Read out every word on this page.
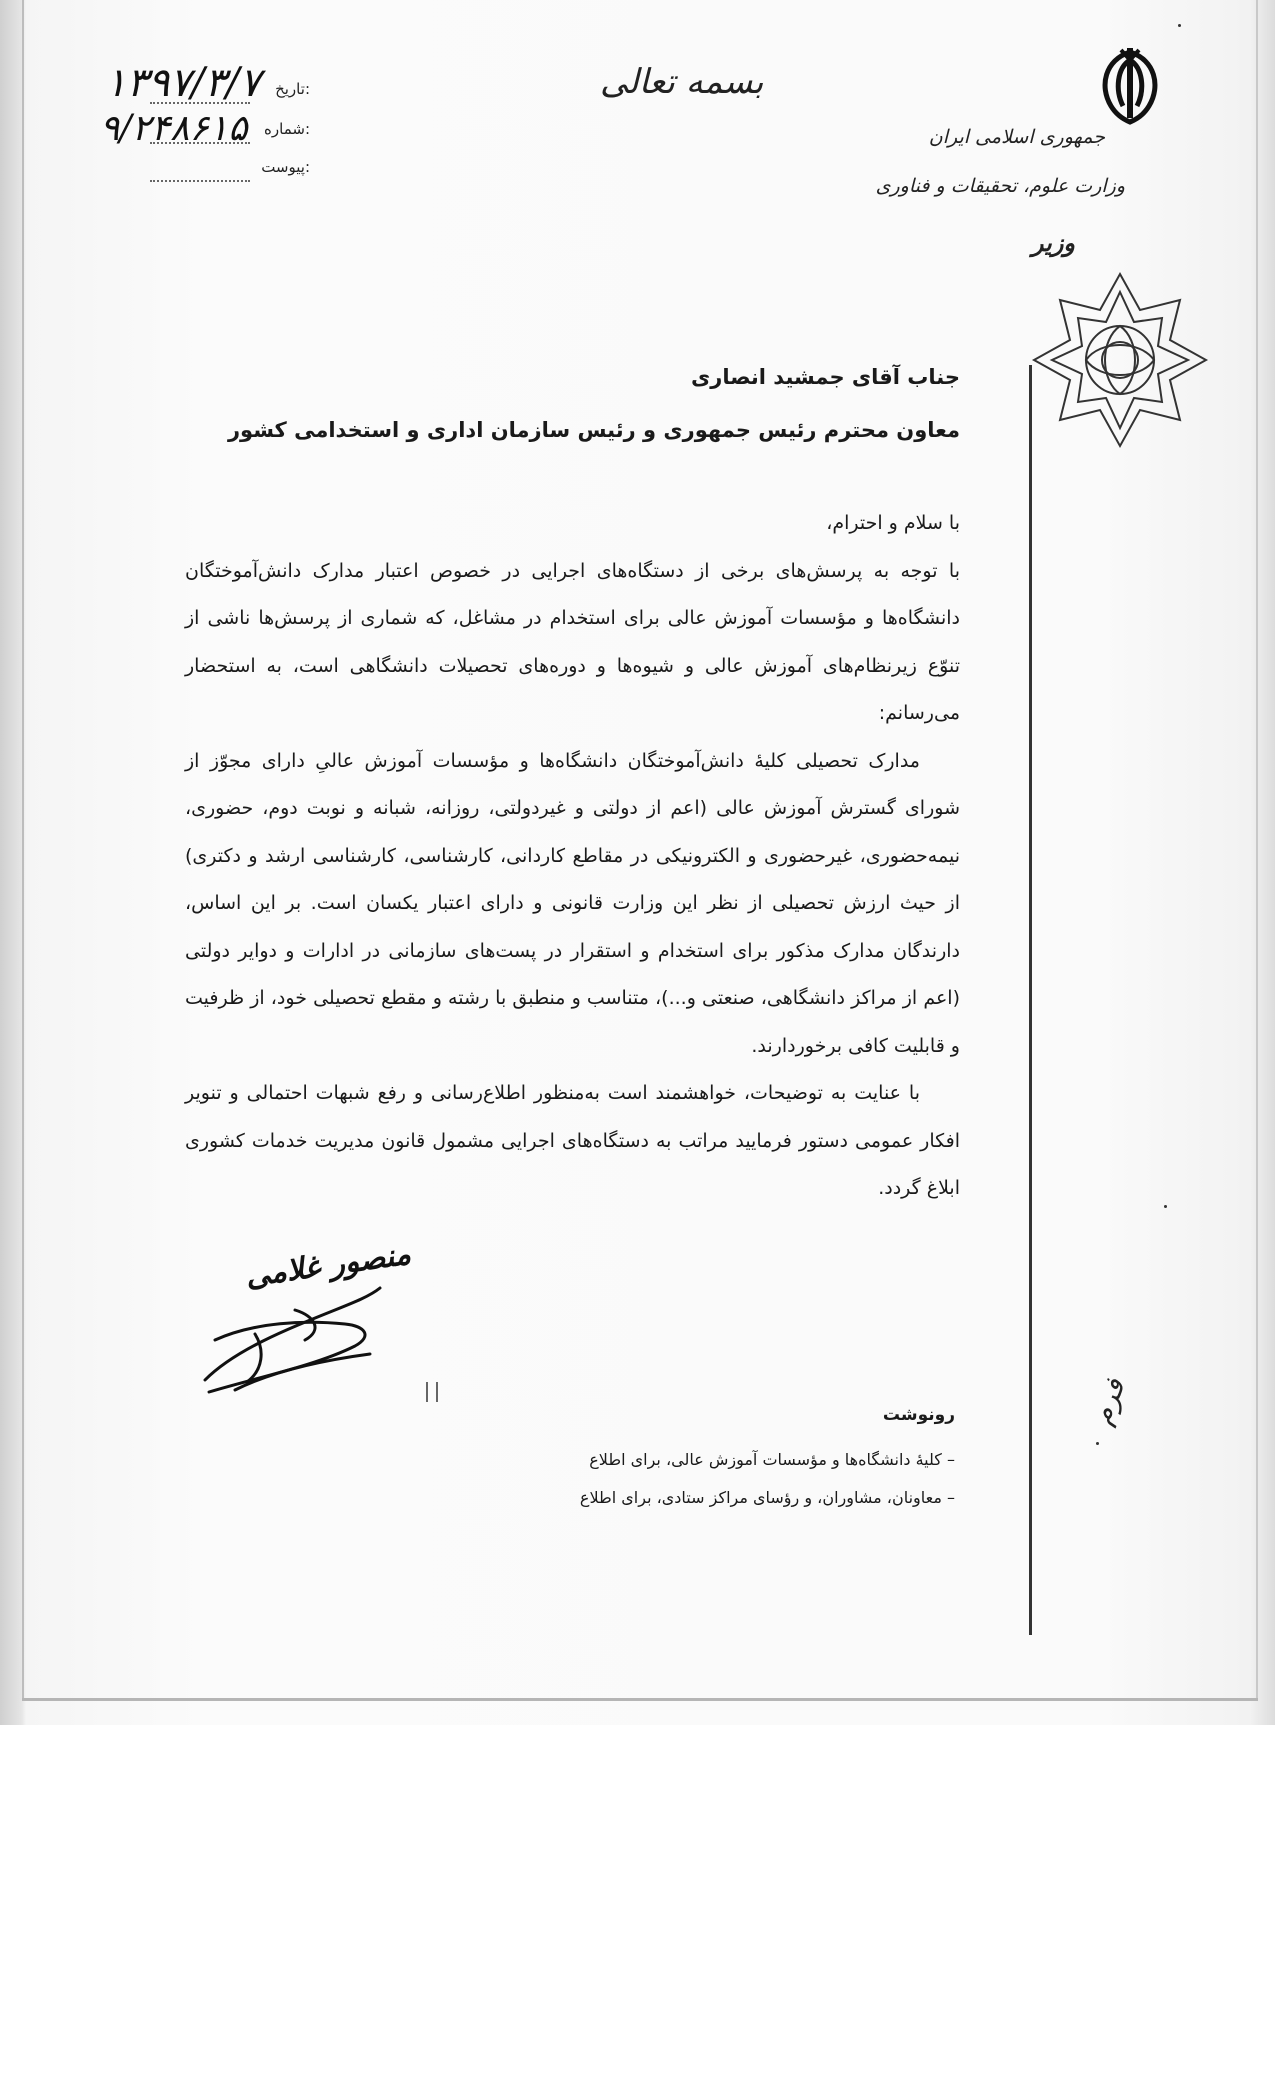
جمهوری اسلامی ایران
وزارت علوم، تحقیقات و فناوری
وزیر
بسمه تعالی
تاریخ:
شماره:
پیوست:
۱۳۹۷/۳/۷
۹/۲۴۸۶۱۵
جناب آقای جمشید انصاری
معاون محترم رئیس جمهوری و رئیس سازمان اداری و استخدامی کشور

با سلام و احترام،

با توجه به پرسش‌های برخی از دستگاه‌های اجرایی در خصوص اعتبار مدارک دانش‌آموختگان دانشگاه‌ها و مؤسسات آموزش عالی برای استخدام در مشاغل، که شماری از پرسش‌ها ناشی از تنوّع زیرنظام‌های آموزش عالی و شیوه‌ها و دوره‌های تحصیلات دانشگاهی است، به استحضار می‌رسانم:

مدارک تحصیلی کلیهٔ دانش‌آموختگان دانشگاه‌ها و مؤسسات آموزش عالیِ دارای مجوّز از شورای گسترش آموزش عالی (اعم از دولتی و غیردولتی، روزانه، شبانه و نوبت دوم، حضوری، نیمه‌حضوری، غیرحضوری و الکترونیکی در مقاطع کاردانی، کارشناسی، کارشناسی ارشد و دکتری) از حیث ارزش تحصیلی از نظر این وزارت قانونی و دارای اعتبار یکسان است. بر این اساس، دارندگان مدارک مذکور برای استخدام و استقرار در پست‌های سازمانی در ادارات و دوایر دولتی (اعم از مراکز دانشگاهی، صنعتی و...)، متناسب و منطبق با رشته و مقطع تحصیلی خود، از ظرفیت و قابلیت کافی برخوردارند.

با عنایت به توضیحات، خواهشمند است به‌منظور اطلاع‌رسانی و رفع شبهات احتمالی و تنویر افکار عمومی دستور فرمایید مراتب به دستگاه‌های اجرایی مشمول قانون مدیریت خدمات کشوری ابلاغ گردد.

منصور غلامی
رونوشت
– کلیهٔ دانشگاه‌ها و مؤسسات آموزش عالی، برای اطلاع
– معاونان، مشاوران، و رؤسای مراکز ستادی، برای اطلاع
فرم
